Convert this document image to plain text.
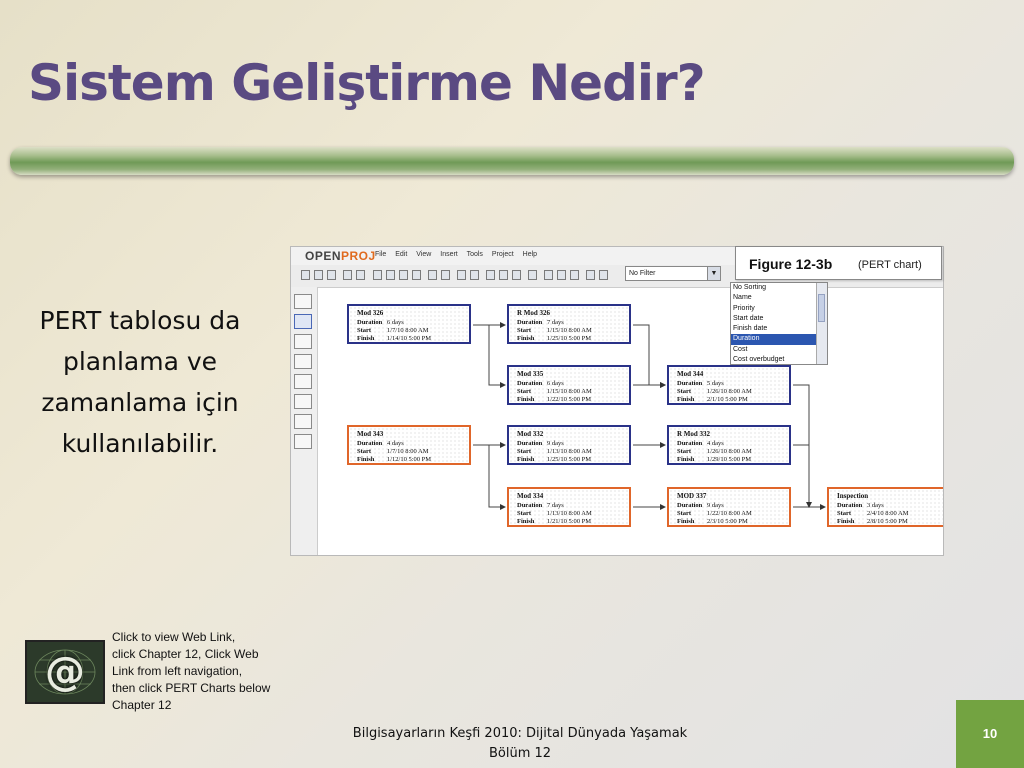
Sistem Geliştirme Nedir?
PERT tablosu da
planlama ve
zamanlama için
kullanılabilir.
OPENPROJ File Edit View Insert Tools Project Help
No Filter	▼
Mod 326
Duration 6 days
Start 1/7/10 8:00 AM
Finish 1/14/10 5:00 PM
R Mod 326
Duration 7 days
Start 1/15/10 8:00 AM
Finish 1/25/10 5:00 PM
Mod 335
Duration 6 days
Start 1/15/10 8:00 AM
Finish 1/22/10 5:00 PM
Mod 344
Duration 5 days
Start 1/26/10 8:00 AM
Finish 2/1/10 5:00 PM
Mod 343
Duration 4 days
Start 1/7/10 8:00 AM
Finish 1/12/10 5:00 PM
Mod 332
Duration 9 days
Start 1/13/10 8:00 AM
Finish 1/25/10 5:00 PM
R Mod 332
Duration 4 days
Start 1/26/10 8:00 AM
Finish 1/29/10 5:00 PM
Mod 334
Duration 7 days
Start 1/13/10 8:00 AM
Finish 1/21/10 5:00 PM
MOD 337
Duration 9 days
Start 1/22/10 8:00 AM
Finish 2/3/10 5:00 PM
Inspection
Duration 3 days
Start 2/4/10 8:00 AM
Finish 2/8/10 5:00 PM
No Sorting
Name
Priority
Start date
Finish date
Duration
Cost
Cost overbudget
Figure 12-3b (PERT chart)
@
Click to view Web Link,
click Chapter 12, Click Web
Link from left navigation,
then click PERT Charts below
Chapter 12
Bilgisayarların Keşfi 2010: Dijital Dünyada Yaşamak
Bölüm 12
10
